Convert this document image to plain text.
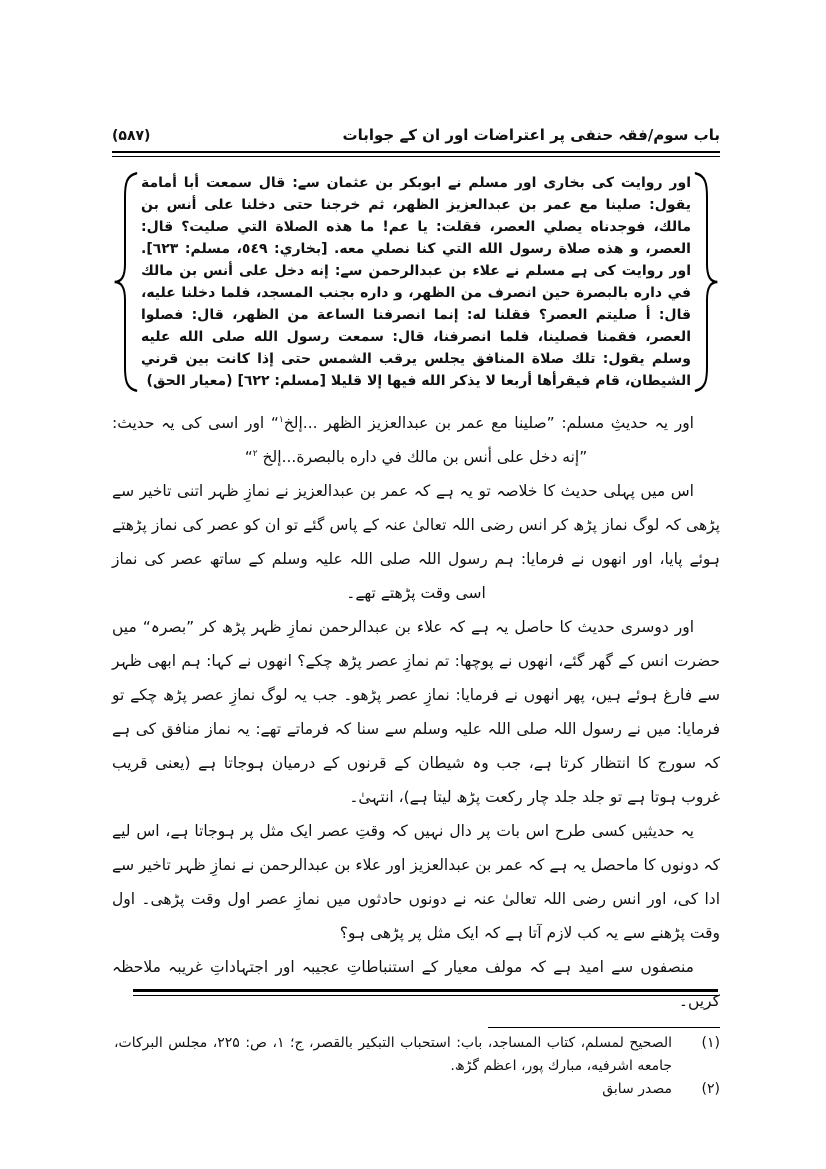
باب سوم/فقہ حنفی پر اعتراضات اور ان کے جوابات
(۵۸۷)
اور روایت کی بخاری اور مسلم نے ابوبکر بن عثمان سے: قال سمعت أبا أمامة يقول: صلينا مع عمر بن عبدالعزيز الظهر، ثم خرجنا حتى دخلنا على أنس بن مالك، فوجدناه يصلي العصر، فقلت: يا عم! ما هذه الصلاة التي صليت؟ قال: العصر، و هذه صلاة رسول الله التي كنا نصلي معه. [بخاري: ٥٤٩، مسلم: ٦٢٣]. اور روایت کی ہے مسلم نے علاء بن عبدالرحمن سے: إنه دخل على أنس بن مالك في داره بالبصرة حين انصرف من الظهر، و داره بجنب المسجد، فلما دخلنا عليه، قال: أ صليتم العصر؟ فقلنا له: إنما انصرفنا الساعة من الظهر، قال: فصلوا العصر، فقمنا فصلينا، فلما انصرفنا، قال: سمعت رسول الله صلى الله عليه وسلم يقول: تلك صلاة المنافق يجلس يرقب الشمس حتى إذا كانت بين قرني الشيطان، قام فيقرأها أربعا لا يذكر الله فيها إلا قليلا [مسلم: ٦٢٢] (معيار الحق)

اور یہ حدیثِ مسلم: ”صلينا مع عمر بن عبدالعزيز الظهر ...إلخ$^۱$“ اور اسی کی یہ حدیث: ”إنه دخل على أنس بن مالك في داره بالبصرة...إلخ $^۲$“

اس میں پہلی حدیث کا خلاصہ تو یہ ہے کہ عمر بن عبدالعزیز نے نمازِ ظہر اتنی تاخیر سے پڑھی کہ لوگ نماز پڑھ کر انس رضی اللہ تعالیٰ عنہ کے پاس گئے تو ان کو عصر کی نماز پڑھتے ہوئے پایا، اور انھوں نے فرمایا: ہم رسول اللہ صلی اللہ علیہ وسلم کے ساتھ عصر کی نماز اسی وقت پڑھتے تھے۔

اور دوسری حدیث کا حاصل یہ ہے کہ علاء بن عبدالرحمن نمازِ ظہر پڑھ کر ”بصرہ“ میں حضرت انس کے گھر گئے، انھوں نے پوچھا: تم نمازِ عصر پڑھ چکے؟ انھوں نے کہا: ہم ابھی ظہر سے فارغ ہوئے ہیں، پھر انھوں نے فرمایا: نمازِ عصر پڑھو۔ جب یہ لوگ نمازِ عصر پڑھ چکے تو فرمایا: میں نے رسول اللہ صلی اللہ علیہ وسلم سے سنا کہ فرماتے تھے: یہ نماز منافق کی ہے کہ سورج کا انتظار کرتا ہے، جب وہ شیطان کے قرنوں کے درمیان ہوجاتا ہے (یعنی قریب غروب ہوتا ہے تو جلد جلد چار رکعت پڑھ لیتا ہے)، انتہیٰ۔

یہ حدیثیں کسی طرح اس بات پر دال نہیں کہ وقتِ عصر ایک مثل پر ہوجاتا ہے، اس لیے کہ دونوں کا ماحصل یہ ہے کہ عمر بن عبدالعزیز اور علاء بن عبدالرحمن نے نمازِ ظہر تاخیر سے ادا کی، اور انس رضی اللہ تعالیٰ عنہ نے دونوں حادثوں میں نمازِ عصر اول وقت پڑھی۔ اول وقت پڑھنے سے یہ کب لازم آتا ہے کہ ایک مثل پر پڑھی ہو؟

منصفوں سے امید ہے کہ مولف معیار کے استنباطاتِ عجیبہ اور اجتہاداتِ غریبہ ملاحظہ کریں۔

(۱)
الصحيح لمسلم، كتاب المساجد، باب: استحباب التبكير بالقصر، ج؛ ۱، ص: ۲۲۵، مجلس البركات، جامعه اشرفيه، مبارك پور، اعظم گڑھ.
(۲)
مصدر سابق
